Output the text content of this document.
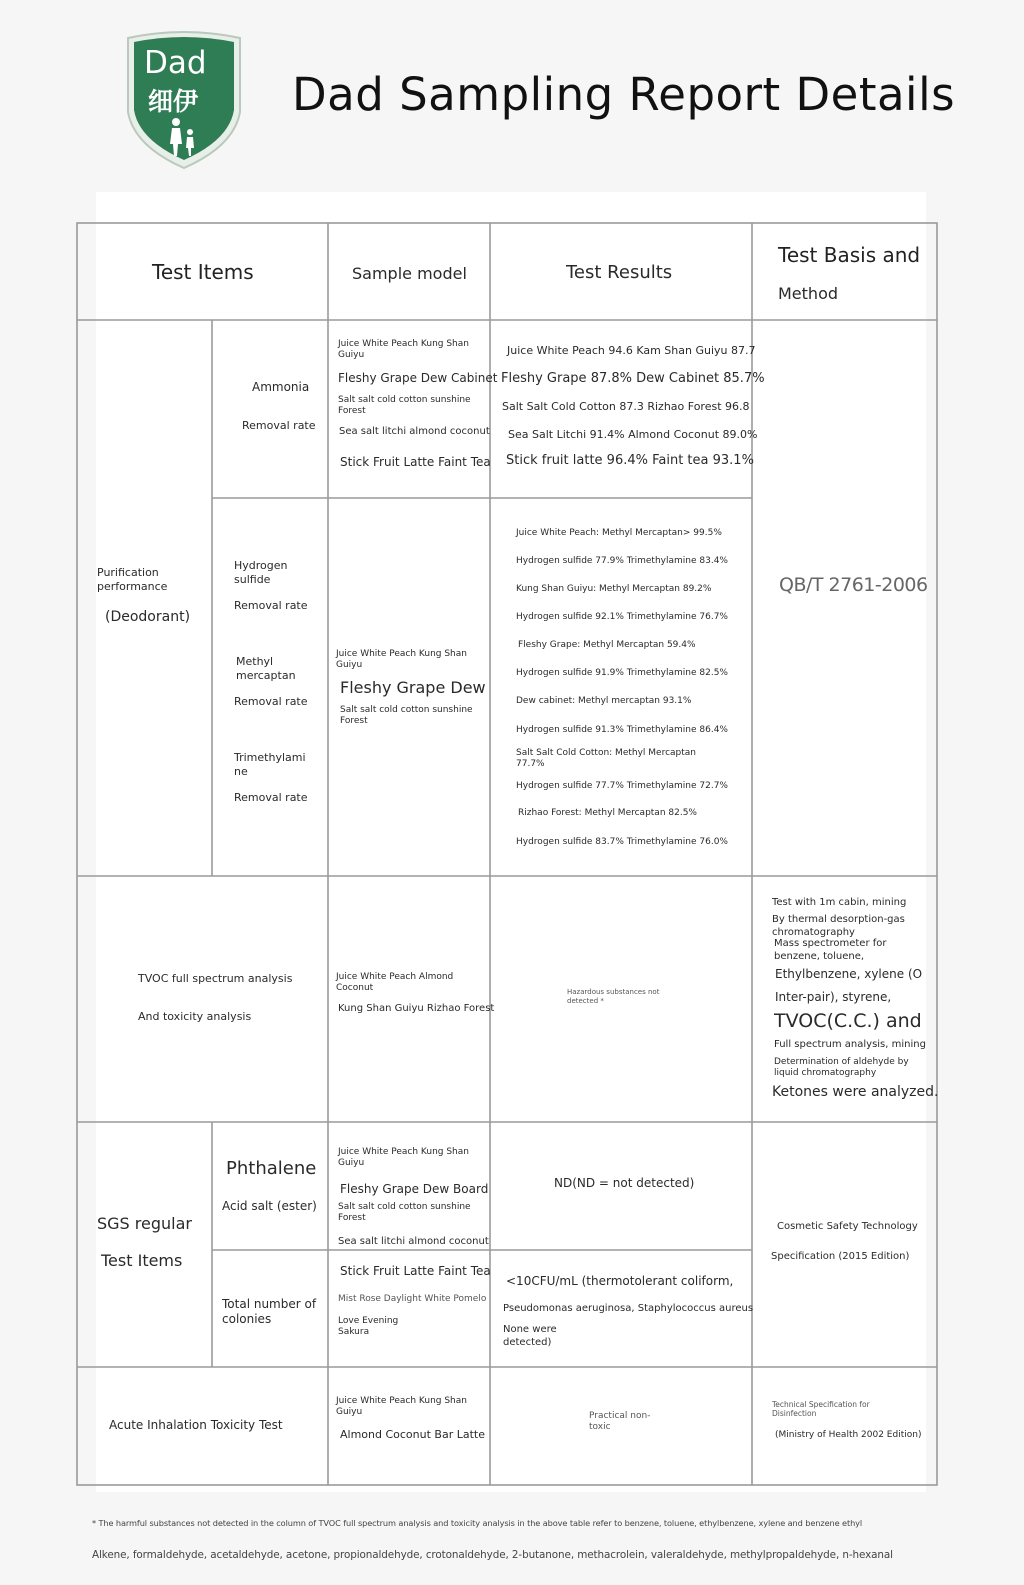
Dad
细伊 Dad Sampling Report Details
Test Items	Sample model	Test Results
Test Basis and
Method
Purification performance
(Deodorant)
Ammonia
Removal rate
Hydrogen sulfide
Removal rate
Methyl mercaptan
Removal rate
Trimethylamine
Removal rate
Juice White Peach Kung Shan Guiyu
Fleshy Grape Dew Cabinet
Salt salt cold cotton sunshine Forest
Sea salt litchi almond coconut
Stick Fruit Latte Faint Tea
Juice White Peach 94.6 Kam Shan Guiyu 87.7
Fleshy Grape 87.8% Dew Cabinet 85.7%
Salt Salt Cold Cotton 87.3 Rizhao Forest 96.8
Sea Salt Litchi 91.4% Almond Coconut 89.0%
Stick fruit latte 96.4% Faint tea 93.1%
Juice White Peach Kung Shan Guiyu
Fleshy Grape Dew
Salt salt cold cotton sunshine Forest
Juice White Peach: Methyl Mercaptan> 99.5%
Hydrogen sulfide 77.9% Trimethylamine 83.4%
Kung Shan Guiyu: Methyl Mercaptan 89.2%
Hydrogen sulfide 92.1% Trimethylamine 76.7%
Fleshy Grape: Methyl Mercaptan 59.4%
Hydrogen sulfide 91.9% Trimethylamine 82.5%
Dew cabinet: Methyl mercaptan 93.1%
Hydrogen sulfide 91.3% Trimethylamine 86.4%
Salt Salt Cold Cotton: Methyl Mercaptan 77.7%
Hydrogen sulfide 77.7% Trimethylamine 72.7%
Rizhao Forest: Methyl Mercaptan 82.5%
Hydrogen sulfide 83.7% Trimethylamine 76.0%
QB/T 2761-2006
TVOC full spectrum analysis
And toxicity analysis
Juice White Peach Almond Coconut
Kung Shan Guiyu Rizhao Forest
Hazardous substances not detected *
Test with 1m cabin, mining
By thermal desorption-gas chromatography
Mass spectrometer for benzene, toluene,
Ethylbenzene, xylene (O
Inter-pair), styrene,
TVOC(C.C.) and
Full spectrum analysis, mining
Determination of aldehyde by liquid chromatography
Ketones were analyzed.
SGS regular
Test Items
Phthalene
Acid salt (ester)
Total number of colonies
Juice White Peach Kung Shan Guiyu
Fleshy Grape Dew Board
Salt salt cold cotton sunshine Forest
Sea salt litchi almond coconut
Stick Fruit Latte Faint Tea
Mist Rose Daylight White Pomelo
Love Evening Sakura
ND(ND = not detected)
<10CFU/mL (thermotolerant coliform,
Pseudomonas aeruginosa, Staphylococcus aureus
None were detected)
Cosmetic Safety Technology
Specification (2015 Edition)
Acute Inhalation Toxicity Test
Juice White Peach Kung Shan Guiyu
Almond Coconut Bar Latte
Practical non-toxic
Technical Specification for Disinfection
(Ministry of Health 2002 Edition)
* The harmful substances not detected in the column of TVOC full spectrum analysis and toxicity analysis in the above table refer to benzene, toluene, ethylbenzene, xylene and benzene ethyl
Alkene, formaldehyde, acetaldehyde, acetone, propionaldehyde, crotonaldehyde, 2-butanone, methacrolein, valeraldehyde, methylpropaldehyde, n-hexanal
